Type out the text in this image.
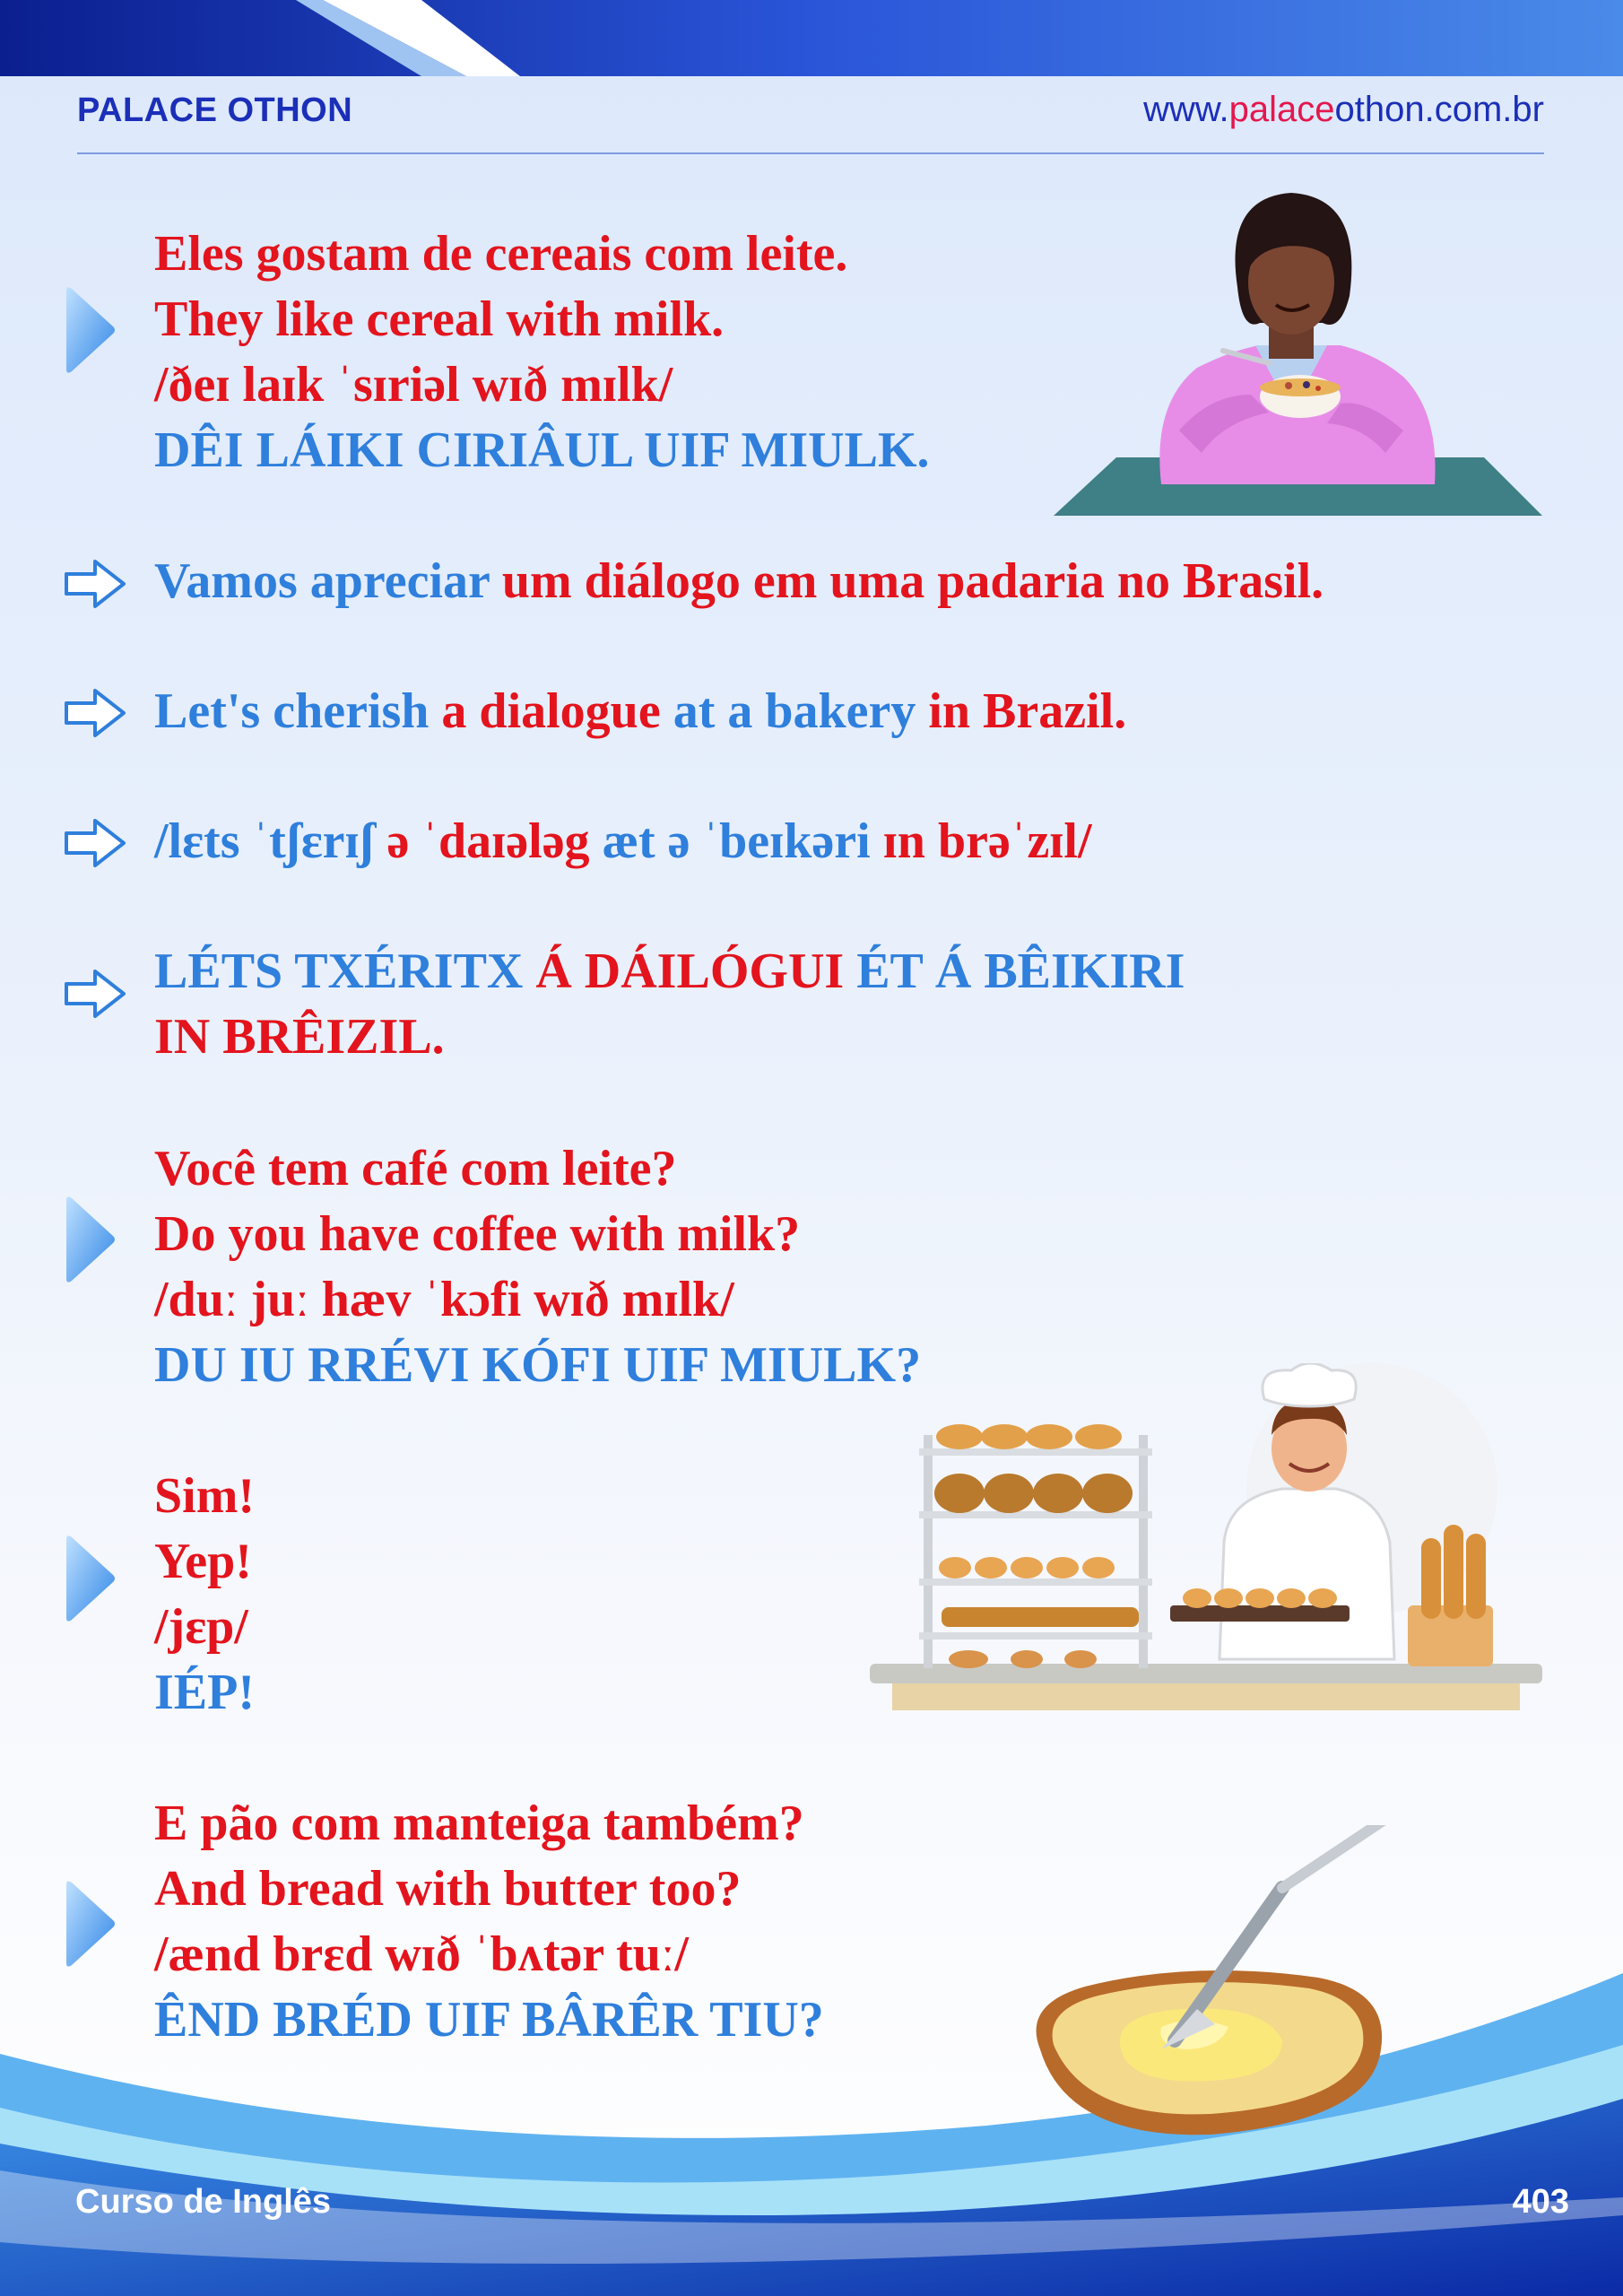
PALACE OTHON	www.palaceothon.com.br
Eles gostam de cereais com leite.
They like cereal with milk.
/ðeɪ laɪk ˈsɪriəl wɪð mɪlk/
DÊI LÁIKI CIRIÂUL UIF MIULK.
Vamos apreciar um diálogo em uma padaria no Brasil.
Let's cherish a dialogue at a bakery in Brazil.
/lɛts ˈtʃɛrɪʃ ə ˈdaɪələg æt ə ˈbeɪkəri ɪn brəˈzɪl/
LÉTS TXÉRITX Á DÁILÓGUI ÉT Á BÊIKIRI
IN BRÊIZIL.
Você tem café com leite?
Do you have coffee with milk?
/duː juː hæv ˈkɔfi wɪð mɪlk/
DU IU RRÉVI KÓFI UIF MIULK?
Sim!
Yep!
/jɛp/
IÉP!
E pão com manteiga também?
And bread with butter too?
/ænd brɛd wɪð ˈbʌtər tuː/
ÊND BRÉD UIF BÂRÊR TIU?
Curso de Inglês	403
